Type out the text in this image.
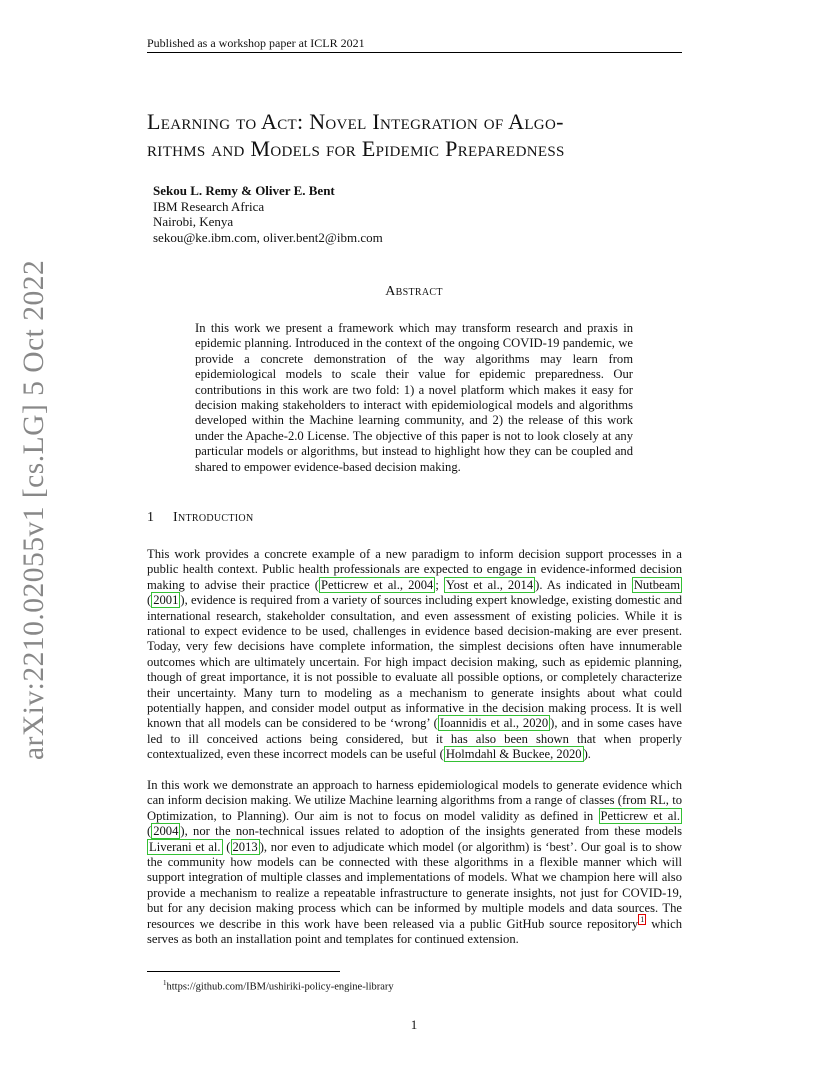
Published as a workshop paper at ICLR 2021
arXiv:2210.02055v1 [cs.LG] 5 Oct 2022
Learning to Act: Novel Integration of Algo-
rithms and Models for Epidemic Preparedness
Sekou L. Remy & Oliver E. Bent
IBM Research Africa
Nairobi, Kenya
sekou@ke.ibm.com, oliver.bent2@ibm.com
Abstract
In this work we present a framework which may transform research and praxis in epidemic planning. Introduced in the context of the ongoing COVID-19 pandemic, we provide a concrete demonstration of the way algorithms may learn from epidemiological models to scale their value for epidemic preparedness. Our contributions in this work are two fold: 1) a novel platform which makes it easy for decision making stakeholders to interact with epidemiological models and algorithms developed within the Machine learning community, and 2) the release of this work under the Apache-2.0 License. The objective of this paper is not to look closely at any particular models or algorithms, but instead to highlight how they can be coupled and shared to empower evidence-based decision making.
1 Introduction
This work provides a concrete example of a new paradigm to inform decision support processes in a public health context. Public health professionals are expected to engage in evidence-informed decision making to advise their practice ( Petticrew et al., 2004 ; Yost et al., 2014 ). As indicated in Nutbeam ( 2001 ), evidence is required from a variety of sources including expert knowledge, existing domestic and international research, stakeholder consultation, and even assessment of existing policies. While it is rational to expect evidence to be used, challenges in evidence based decision-making are ever present. Today, very few decisions have complete information, the simplest decisions often have innumerable outcomes which are ultimately uncertain. For high impact decision making, such as epidemic planning, though of great importance, it is not possible to evaluate all possible options, or completely characterize their uncertainty. Many turn to modeling as a mechanism to generate insights about what could potentially happen, and consider model output as informative in the decision making process. It is well known that all models can be considered to be ‘wrong’ ( Ioannidis et al., 2020 ), and in some cases have led to ill conceived actions being considered, but it has also been shown that when properly contextualized, even these incorrect models can be useful ( Holmdahl & Buckee, 2020 ).
In this work we demonstrate an approach to harness epidemiological models to generate evidence which can inform decision making. We utilize Machine learning algorithms from a range of classes (from RL, to Optimization, to Planning). Our aim is not to focus on model validity as defined in Petticrew et al. ( 2004 ), nor the non-technical issues related to adoption of the insights generated from these models Liverani et al. ( 2013 ), nor even to adjudicate which model (or algorithm) is ‘best’. Our goal is to show the community how models can be connected with these algorithms in a flexible manner which will support integration of multiple classes and implementations of models. What we champion here will also provide a mechanism to realize a repeatable infrastructure to generate insights, not just for COVID-19, but for any decision making process which can be informed by multiple models and data sources. The resources we describe in this work have been released via a public GitHub source repository $^1$ which serves as both an installation point and templates for continued extension.
$^1$https://github.com/IBM/ushiriki-policy-engine-library
1
